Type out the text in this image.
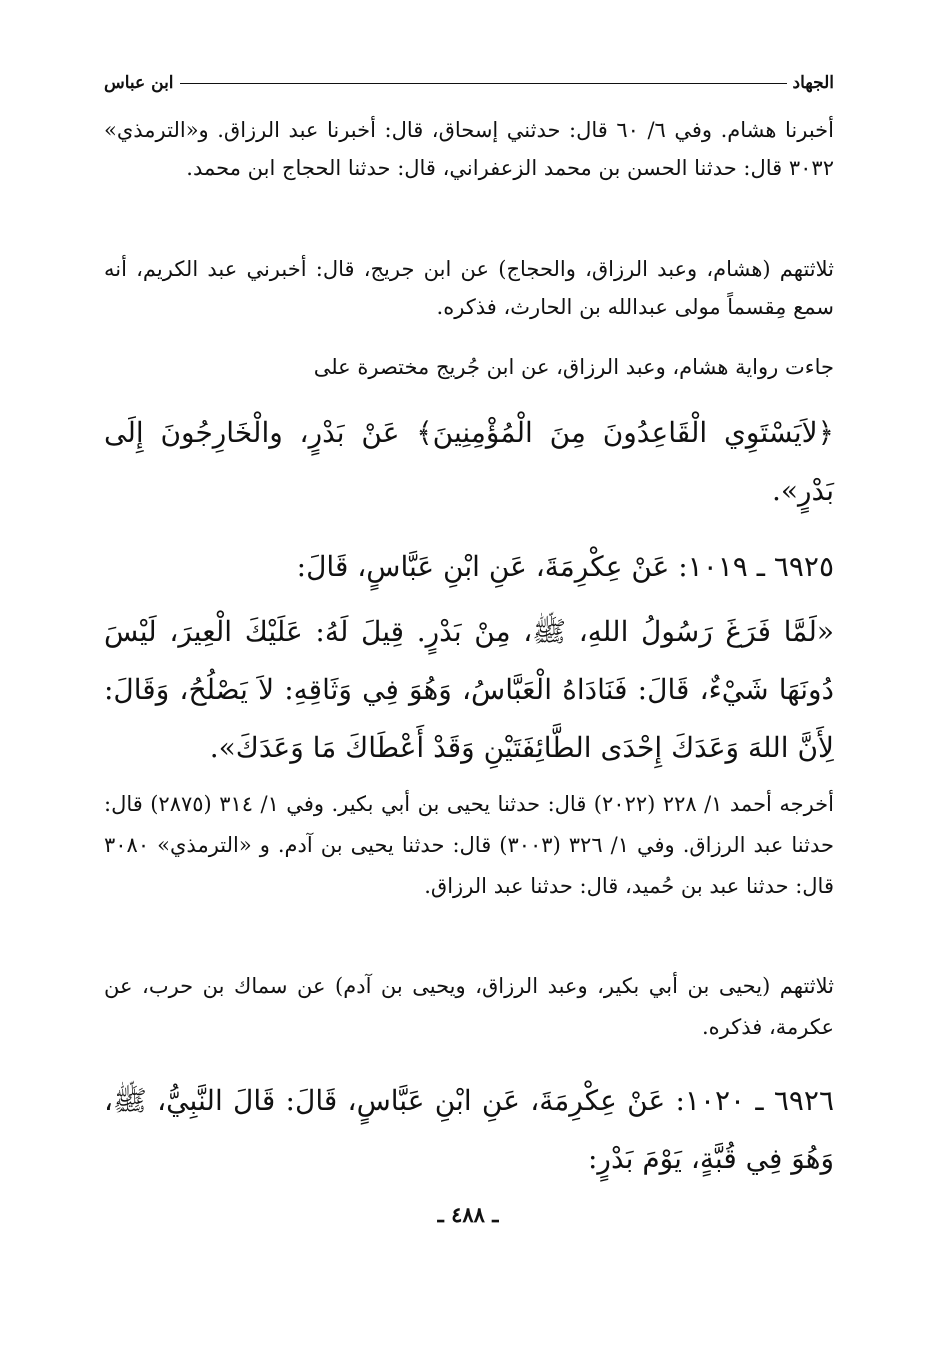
الجهاد
ابن عباس

أخبرنا هشام. وفي ٦/ ٦٠ قال: حدثني إسحاق، قال: أخبرنا عبد الرزاق. و«الترمذي» ٣٠٣٢ قال: حدثنا الحسن بن محمد الزعفراني، قال: حدثنا الحجاج ابن محمد.

ثلاثتهم (هشام، وعبد الرزاق، والحجاج) عن ابن جريج، قال: أخبرني عبد الكريم، أنه سمع مِقسماً مولى عبدالله بن الحارث، فذكره.

جاءت رواية هشام، وعبد الرزاق، عن ابن جُريج مختصرة على

﴿لاَيَسْتَوِي الْقَاعِدُونَ مِنَ الْمُؤْمِنِينَ﴾ عَنْ بَدْرٍ، والْخَارِجُونَ إِلَى بَدْرٍ».

٦٩٢٥ ـ ١٠١٩: عَنْ عِكْرِمَةَ، عَنِ ابْنِ عَبَّاسٍ، قَالَ:

«لَمَّا فَرَغَ رَسُولُ اللهِ، ﷺ، مِنْ بَدْرٍ. قِيلَ لَهُ: عَلَيْكَ الْعِيرَ، لَيْسَ دُونَهَا شَيْءٌ، قَالَ: فَنَادَاهُ الْعَبَّاسُ، وَهُوَ فِي وَثَاقِهِ: لاَ يَصْلُحُ، وَقَالَ: لِأَنَّ اللهَ وَعَدَكَ إِحْدَى الطَّائِفَتَيْنِ وَقَدْ أَعْطَاكَ مَا وَعَدَكَ».

أخرجه أحمد ١/ ٢٢٨ (٢٠٢٢) قال: حدثنا يحيى بن أبي بكير. وفي ١/ ٣١٤ (٢٨٧٥) قال: حدثنا عبد الرزاق. وفي ١/ ٣٢٦ (٣٠٠٣) قال: حدثنا يحيى بن آدم. و «الترمذي» ٣٠٨٠ قال: حدثنا عبد بن حُميد، قال: حدثنا عبد الرزاق.

ثلاثتهم (يحيى بن أبي بكير، وعبد الرزاق، ويحيى بن آدم) عن سماك بن حرب، عن عكرمة، فذكره.

٦٩٢٦ ـ ١٠٢٠: عَنْ عِكْرِمَةَ، عَنِ ابْنِ عَبَّاسٍ، قَالَ: قَالَ النَّبِيُّ، ﷺ، وَهُوَ فِي قُبَّةٍ، يَوْمَ بَدْرٍ:

ـ ٤٨٨ ـ
